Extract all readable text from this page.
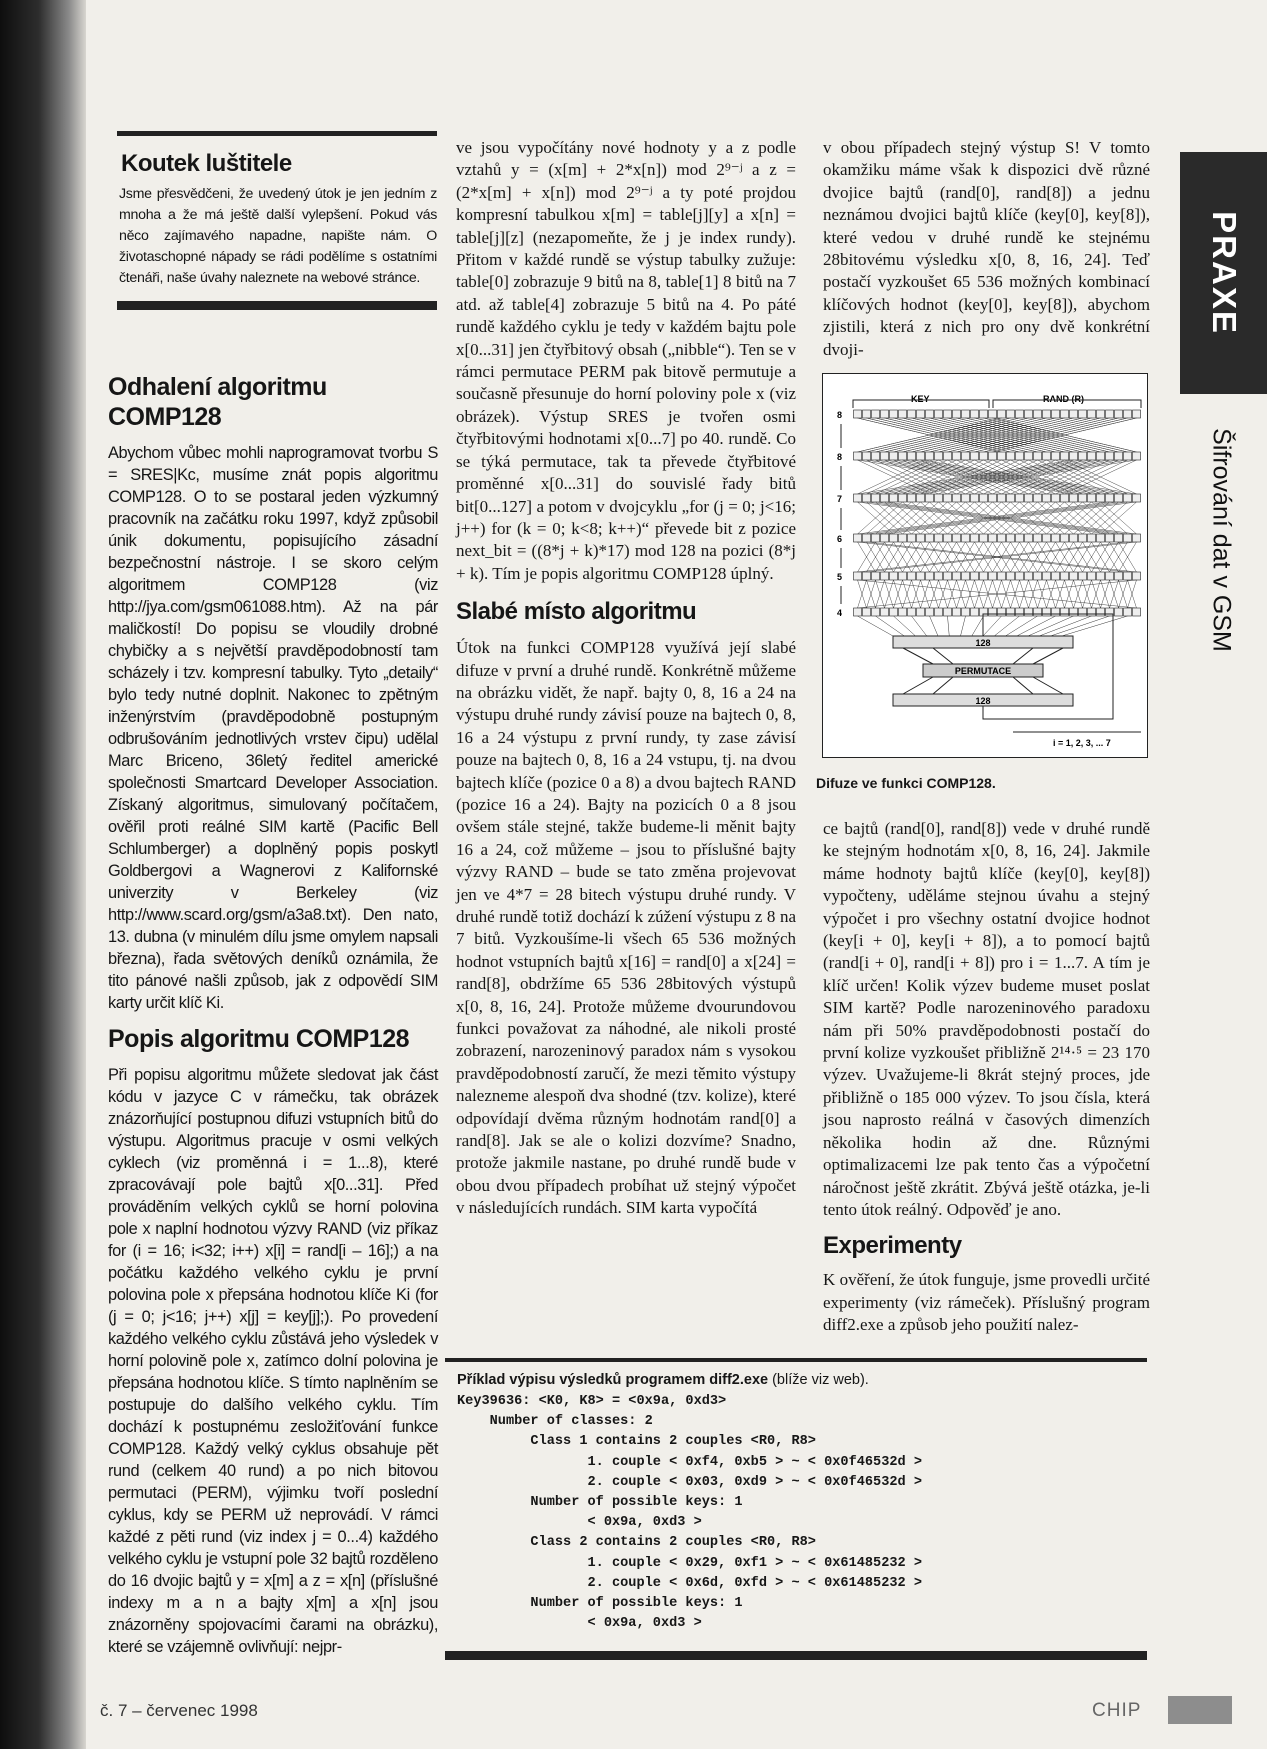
Koutek luštitele

Jsme přesvědčeni, že uvedený útok je jen jedním z mnoha a že má ještě další vylepšení. Pokud vás něco zajímavého napadne, napište nám. O životaschopné nápady se rádi podělíme s ostatními čtenáři, naše úvahy naleznete na webové stránce.

Odhalení algoritmu COMP128

Abychom vůbec mohli naprogramovat tvorbu S = SRES|Kc, musíme znát popis algoritmu COMP128. O to se postaral jeden výzkumný pracovník na začátku roku 1997, když způsobil únik dokumentu, popisujícího zásadní bezpečnostní nástroje. I se skoro celým algoritmem COMP128 (viz http://jya.com/gsm061088.htm). Až na pár maličkostí! Do popisu se vloudily drobné chybičky a s největší pravděpodobností tam scházely i tzv. kompresní tabulky. Tyto „detaily“ bylo tedy nutné doplnit. Nakonec to zpětným inženýrstvím (pravděpodobně postupným odbrušováním jednotlivých vrstev čipu) udělal Marc Briceno, 36letý ředitel americké společnosti Smartcard Developer Association. Získaný algoritmus, simulovaný počítačem, ověřil proti reálné SIM kartě (Pacific Bell Schlumberger) a doplněný popis poskytl Goldbergovi a Wagnerovi z Kalifornské univerzity v Berkeley (viz http://www.scard.org/gsm/a3a8.txt). Den nato, 13. dubna (v minulém dílu jsme omylem napsali března), řada světových deníků oznámila, že tito pánové našli způsob, jak z odpovědí SIM karty určit klíč Ki.

Popis algoritmu COMP128

Při popisu algoritmu můžete sledovat jak část kódu v jazyce C v rámečku, tak obrázek znázorňující postupnou difuzi vstupních bitů do výstupu. Algoritmus pracuje v osmi velkých cyklech (viz proměnná i = 1...8), které zpracovávají pole bajtů x[0...31]. Před prováděním velkých cyklů se horní polovina pole x naplní hodnotou výzvy RAND (viz příkaz for (i = 16; i<32; i++) x[i] = rand[i – 16];) a na počátku každého velkého cyklu je první polovina pole x přepsána hodnotou klíče Ki (for (j = 0; j<16; j++) x[j] = key[j];). Po provedení každého velkého cyklu zůstává jeho výsledek v horní polovině pole x, zatímco dolní polovina je přepsána hodnotou klíče. S tímto naplněním se postupuje do dalšího velkého cyklu. Tím dochází k postupnému zesložiťování funkce COMP128. Každý velký cyklus obsahuje pět rund (celkem 40 rund) a po nich bitovou permutaci (PERM), výjimku tvoří poslední cyklus, kdy se PERM už neprovádí. V rámci každé z pěti rund (viz index j = 0...4) každého velkého cyklu je vstupní pole 32 bajtů rozděleno do 16 dvojic bajtů y = x[m] a z = x[n] (příslušné indexy m a n a bajty x[m] a x[n] jsou znázorněny spojovacími čarami na obrázku), které se vzájemně ovlivňují: nejpr-

ve jsou vypočítány nové hodnoty y a z podle vztahů y = (x[m] + 2*x[n]) mod 2⁹⁻ʲ a z = (2*x[m] + x[n]) mod 2⁹⁻ʲ a ty poté projdou kompresní tabulkou x[m] = table[j][y] a x[n] = table[j][z] (nezapomeňte, že j je index rundy). Přitom v každé rundě se výstup tabulky zužuje: table[0] zobrazuje 9 bitů na 8, table[1] 8 bitů na 7 atd. až table[4] zobrazuje 5 bitů na 4. Po páté rundě každého cyklu je tedy v každém bajtu pole x[0...31] jen čtyřbitový obsah („nibble“). Ten se v rámci permutace PERM pak bitově permutuje a současně přesunuje do horní poloviny pole x (viz obrázek). Výstup SRES je tvořen osmi čtyřbitovými hodnotami x[0...7] po 40. rundě. Co se týká permutace, tak ta převede čtyřbitové proměnné x[0...31] do souvislé řady bitů bit[0...127] a potom v dvojcyklu „for (j = 0; j<16; j++) for (k = 0; k<8; k++)“ převede bit z pozice next_bit = ((8*j + k)*17) mod 128 na pozici (8*j + k). Tím je popis algoritmu COMP128 úplný.

Slabé místo algoritmu

Útok na funkci COMP128 využívá její slabé difuze v první a druhé rundě. Konkrétně můžeme na obrázku vidět, že např. bajty 0, 8, 16 a 24 na výstupu druhé rundy závisí pouze na bajtech 0, 8, 16 a 24 výstupu z první rundy, ty zase závisí pouze na bajtech 0, 8, 16 a 24 vstupu, tj. na dvou bajtech klíče (pozice 0 a 8) a dvou bajtech RAND (pozice 16 a 24). Bajty na pozicích 0 a 8 jsou ovšem stále stejné, takže budeme-li měnit bajty 16 a 24, což můžeme – jsou to příslušné bajty výzvy RAND – bude se tato změna projevovat jen ve 4*7 = 28 bitech výstupu druhé rundy. V druhé rundě totiž dochází k zúžení výstupu z 8 na 7 bitů. Vyzkoušíme-li všech 65 536 možných hodnot vstupních bajtů x[16] = rand[0] a x[24] = rand[8], obdržíme 65 536 28bitových výstupů x[0, 8, 16, 24]. Protože můžeme dvourundovou funkci považovat za náhodné, ale nikoli prosté zobrazení, narozeninový paradox nám s vysokou pravděpodobností zaručí, že mezi těmito výstupy nalezneme alespoň dva shodné (tzv. kolize), které odpovídají dvěma různým hodnotám rand[0] a rand[8]. Jak se ale o kolizi dozvíme? Snadno, protože jakmile nastane, po druhé rundě bude v obou dvou případech probíhat už stejný výpočet v následujících rundách. SIM karta vypočítá

v obou případech stejný výstup S! V tomto okamžiku máme však k dispozici dvě různé dvojice bajtů (rand[0], rand[8]) a jednu neznámou dvojici bajtů klíče (key[0], key[8]), které vedou v druhé rundě ke stejnému 28bitovému výsledku x[0, 8, 16, 24]. Teď postačí vyzkoušet 65 536 možných kombinací klíčových hodnot (key[0], key[8]), abychom zjistili, která z nich pro ony dvě konkrétní dvoji-

KEY	RAND (R)
8
8
7
6
5
4
128
PERMUTACE
128
i = 1, 2, 3, ... 7
Difuze ve funkci COMP128.

ce bajtů (rand[0], rand[8]) vede v druhé rundě ke stejným hodnotám x[0, 8, 16, 24]. Jakmile máme hodnoty bajtů klíče (key[0], key[8]) vypočteny, uděláme stejnou úvahu a stejný výpočet i pro všechny ostatní dvojice hodnot (key[i + 0], key[i + 8]), a to pomocí bajtů (rand[i + 0], rand[i + 8]) pro i = 1...7. A tím je klíč určen! Kolik výzev budeme muset poslat SIM kartě? Podle narozeninového paradoxu nám při 50% pravděpodobnosti postačí do první kolize vyzkoušet přibližně 2¹⁴·⁵ = 23 170 výzev. Uvažujeme-li 8krát stejný proces, jde přibližně o 185 000 výzev. To jsou čísla, která jsou naprosto reálná v časových dimenzích několika hodin až dne. Různými optimalizacemi lze pak tento čas a výpočetní náročnost ještě zkrátit. Zbývá ještě otázka, je-li tento útok reálný. Odpověď je ano.

Experimenty

K ověření, že útok funguje, jsme provedli určité experimenty (viz rámeček). Příslušný program diff2.exe a způsob jeho použití nalez-

PRAXE
Šifrování dat v GSM
Příklad výpisu výsledků programem diff2.exe (blíže viz web).
Key39636: <K0, K8> = <0x9a, 0xd3>
Number of classes: 2
Class 1 contains 2 couples <R0, R8>
1. couple < 0xf4, 0xb5 > ~ < 0x0f46532d >
2. couple < 0x03, 0xd9 > ~ < 0x0f46532d >
Number of possible keys: 1
< 0x9a, 0xd3 >
Class 2 contains 2 couples <R0, R8>
1. couple < 0x29, 0xf1 > ~ < 0x61485232 >
2. couple < 0x6d, 0xfd > ~ < 0x61485232 >
Number of possible keys: 1
< 0x9a, 0xd3 >
č. 7 – červenec 1998	CHIP
